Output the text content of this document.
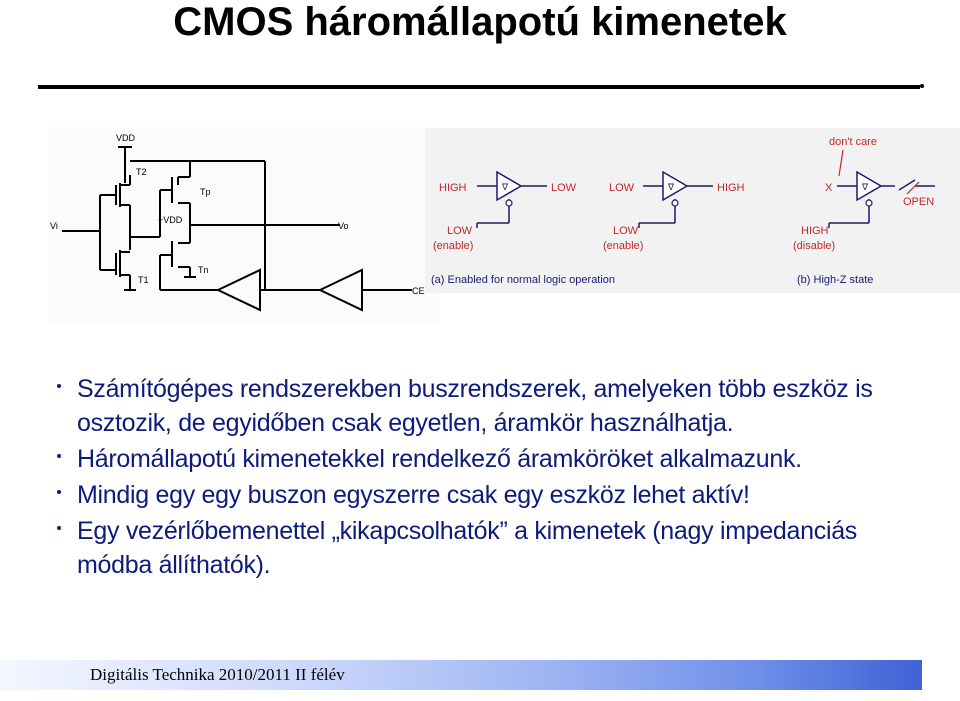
CMOS háromállapotú kimenetek
VDD
T2
Tp
+VDD
Vi	Vo
T1
Tn
CE
HIGH	LOW
LOW
(enable)
LOW	HIGH
LOW
(enable)
don't care
X
OPEN
HIGH
(disable)
(a) Enabled for normal logic operation	(b) High-Z state
∇	∇	∇
Számítógépes rendszerekben buszrendszerek, amelyeken több eszköz is osztozik, de egyidőben csak egyetlen, áramkör használhatja.
Háromállapotú kimenetekkel rendelkező áramköröket alkalmazunk.
Mindig egy egy buszon egyszerre csak egy eszköz lehet aktív!
Egy vezérlőbemenettel „kikapcsolhatók” a kimenetek (nagy impedanciás módba állíthatók).
Digitális Technika 2010/2011 II félév
